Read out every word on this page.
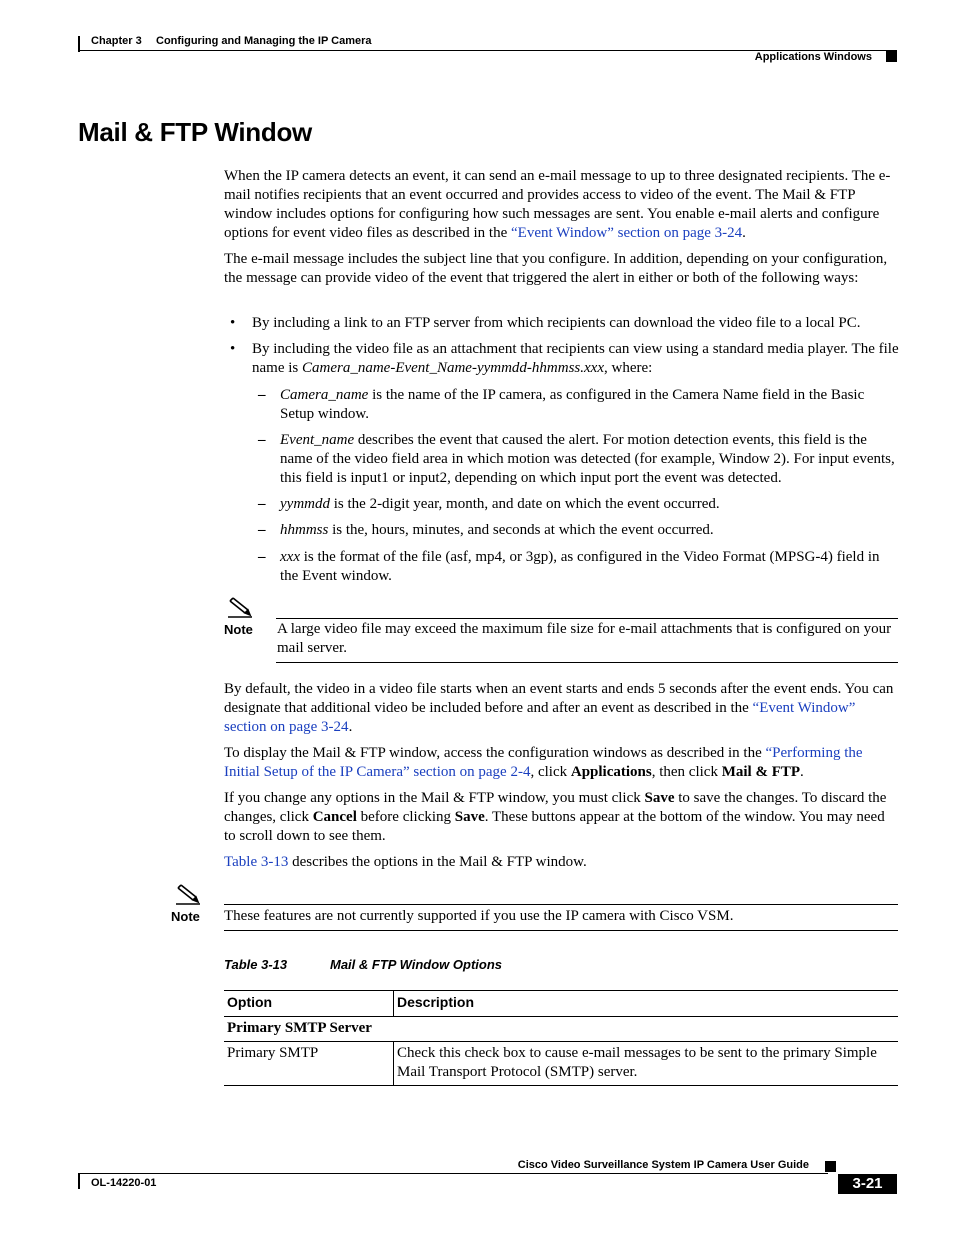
Chapter 3 Configuring and Managing the IP Camera
Applications Windows
Mail & FTP Window

When the IP camera detects an event, it can send an e-mail message to up to three designated recipients. The e-mail notifies recipients that an event occurred and provides access to video of the event. The Mail & FTP window includes options for configuring how such messages are sent. You enable e-mail alerts and configure options for event video files as described in the “Event Window” section on page 3-24.

The e-mail message includes the subject line that you configure. In addition, depending on your configuration, the message can provide video of the event that triggered the alert in either or both of the following ways:

• By including a link to an FTP server from which recipients can download the video file to a local PC.
• By including the video file as an attachment that recipients can view using a standard media player. The file name is Camera_name-Event_Name-yymmdd-hhmmss.xxx, where:
– Camera_name is the name of the IP camera, as configured in the Camera Name field in the Basic Setup window.
– Event_name describes the event that caused the alert. For motion detection events, this field is the name of the video field area in which motion was detected (for example, Window 2). For input events, this field is input1 or input2, depending on which input port the event was detected.
– yymmdd is the 2-digit year, month, and date on which the event occurred.
– hhmmss is the, hours, minutes, and seconds at which the event occurred.
– xxx is the format of the file (asf, mp4, or 3gp), as configured in the Video Format (MPSG-4) field in the Event window.
Note A large video file may exceed the maximum file size for e-mail attachments that is configured on your mail server.

By default, the video in a video file starts when an event starts and ends 5 seconds after the event ends. You can designate that additional video be included before and after an event as described in the “Event Window” section on page 3-24.

To display the Mail & FTP window, access the configuration windows as described in the “Performing the Initial Setup of the IP Camera” section on page 2-4, click Applications, then click Mail & FTP.

If you change any options in the Mail & FTP window, you must click Save to save the changes. To discard the changes, click Cancel before clicking Save. These buttons appear at the bottom of the window. You may need to scroll down to see them.

Table 3-13 describes the options in the Mail & FTP window.

Note These features are not currently supported if you use the IP camera with Cisco VSM.
Table 3-13	Mail & FTP Window Options
Option	Description
Primary SMTP Server	
Primary SMTP	Check this check box to cause e-mail messages to be sent to the primary Simple Mail Transport Protocol (SMTP) server.
Cisco Video Surveillance System IP Camera User Guide
OL-14220-01	3-21
